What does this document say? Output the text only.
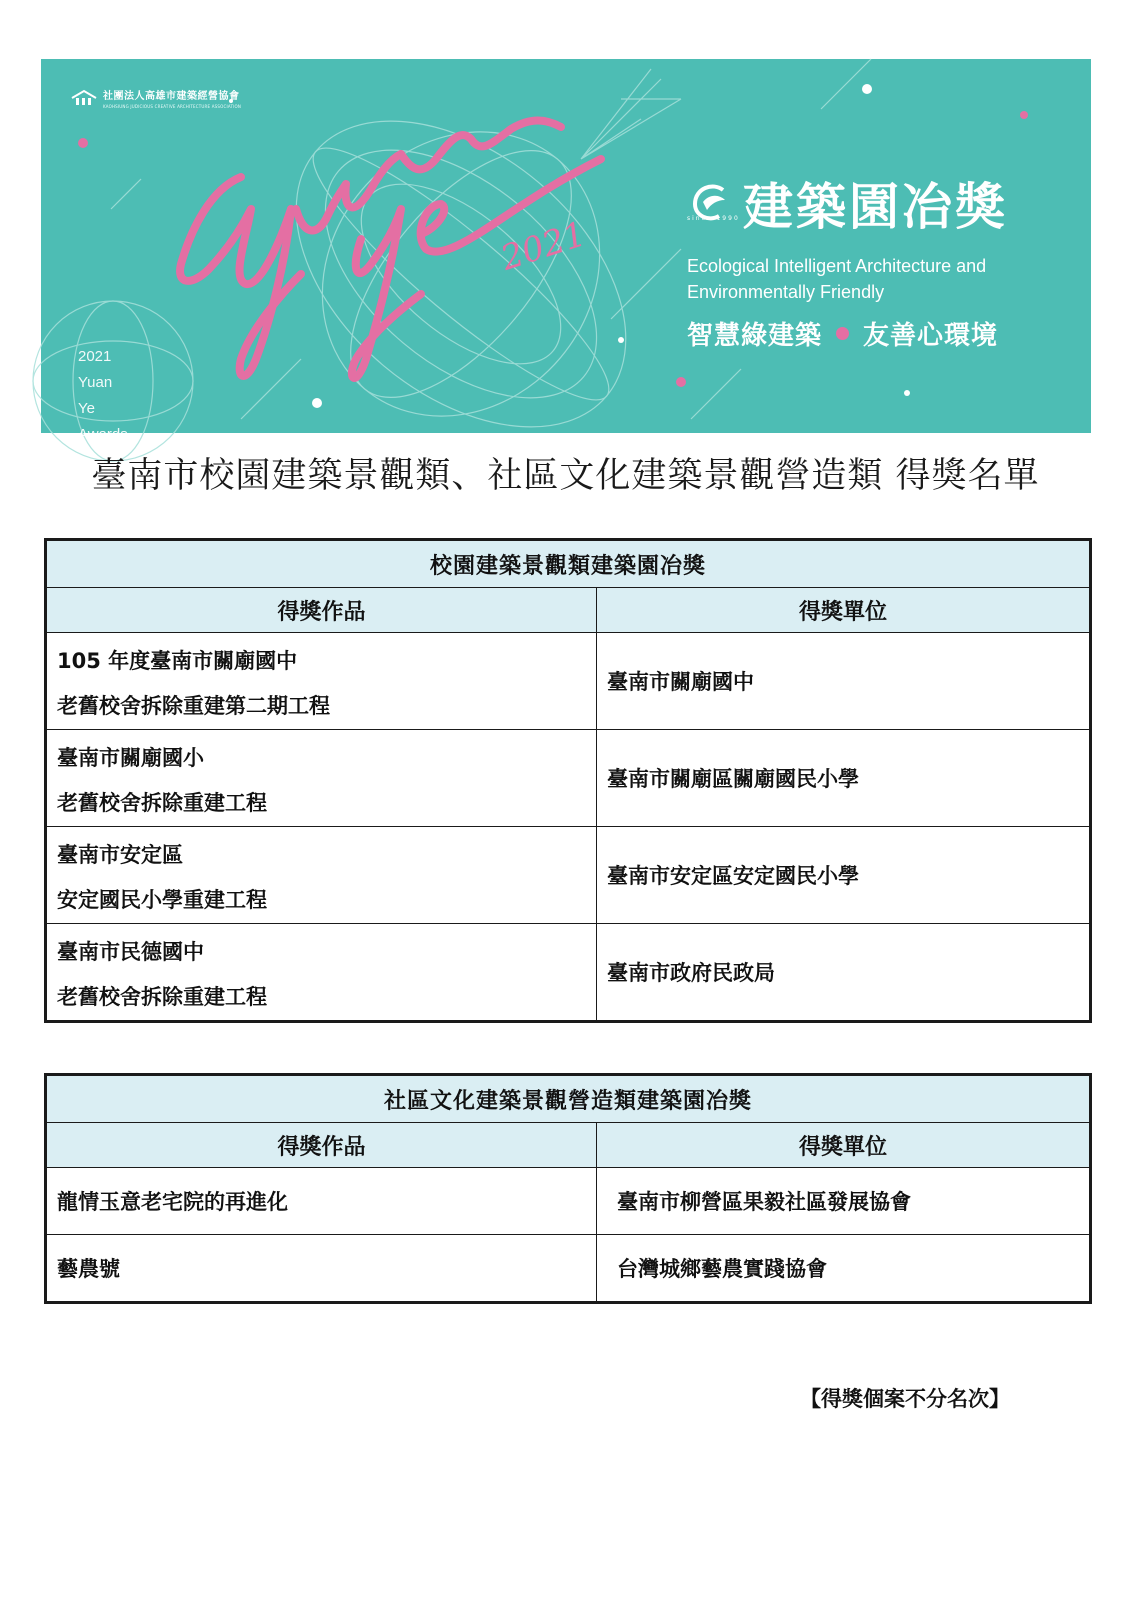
2021
Yuan Ye
社團法人高雄市建築經營協會
KAOHSIUNG JUDICIOUS CREATIVE ARCHITECTURE ASSOCIATION
2021
Yuan
Ye
Awards
建築園冶獎
since 1990
Ecological Intelligent Architecture and
Environmentally Friendly
智慧綠建築 友善心環境
臺南市校園建築景觀類、社區文化建築景觀營造類 得獎名單
校園建築景觀類建築園冶獎	
得獎作品	得獎單位

105 年度臺南市關廟國中
老舊校舍拆除重建第二期工程	臺南市關廟國中

臺南市關廟國小
老舊校舍拆除重建工程	臺南市關廟區關廟國民小學

臺南市安定區
安定國民小學重建工程	臺南市安定區安定國民小學

臺南市民德國中
老舊校舍拆除重建工程	臺南市政府民政局
社區文化建築景觀營造類建築園冶獎	
得獎作品	得獎單位
龍情玉意老宅院的再進化	臺南市柳營區果毅社區發展協會
藝農號	台灣城鄉藝農實踐協會
【得獎個案不分名次】
